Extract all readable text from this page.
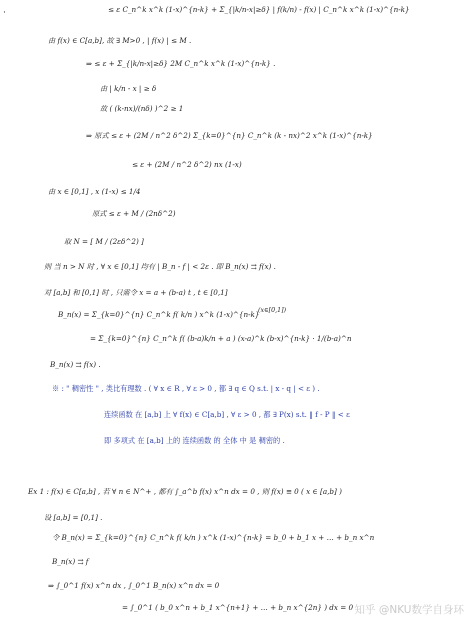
·	≤ ε C_n^k x^k (1-x)^{n-k} + Σ_{|k/n-x|≥δ} | f(k/n) - f(x) | C_n^k x^k (1-x)^{n-k}
由 f(x) ∈ C[a,b], 故 ∃ M>0 , | f(x) | ≤ M .
⇒ ≤ ε + Σ_{|k/n-x|≥δ} 2M C_n^k x^k (1-x)^{n-k} .
由 | k/n - x | ≥ δ
故 ( (k-nx)/(nδ) )^2 ≥ 1
⇒ 原式 ≤ ε + (2M / n^2 δ^2) Σ_{k=0}^{n} C_n^k (k - nx)^2 x^k (1-x)^{n-k}
≤ ε + (2M / n^2 δ^2) nx (1-x)
由 x ∈ [0,1] , x (1-x) ≤ 1/4
原式 ≤ ε + M / (2nδ^2)
取 N = [ M / (2εδ^2) ]
则 当 n > N 时 , ∀ x ∈ [0,1] 均有 | B_n - f | < 2ε . 即 B_n(x) ⇉ f(x) .
对 [a,b] 和 [0,1] 时 , 只需令 x = a + (b-a) t , t ∈ [0,1]
B_n(x) = Σ_{k=0}^{n} C_n^k f( k/n ) x^k (1-x)^{n-k}
(x∈[0,1])
= Σ_{k=0}^{n} C_n^k f( (b-a)k/n + a ) (x-a)^k (b-x)^{n-k} · 1/(b-a)^n
B_n(x) ⇉ f(x) .
※ : " 稠密性 " , 类比有理数 . ( ∀ x ∈ R , ∀ ε > 0 , 都 ∃ q ∈ Q s.t. | x - q | < ε ) .
连续函数 在 [a,b] 上 ∀ f(x) ∈ C[a,b] , ∀ ε > 0 , 都 ∃ P(x) s.t. ‖ f - P ‖ < ε
即 多项式 在 [a,b] 上的 连续函数 的 全体 中 是 稠密的 .
Ex 1 : f(x) ∈ C[a,b] , 若 ∀ n ∈ N^+ , 都有 ∫_a^b f(x) x^n dx = 0 , 则 f(x) ≡ 0 ( x ∈ [a,b] )
设 [a,b] = [0,1] .
令 B_n(x) = Σ_{k=0}^{n} C_n^k f( k/n ) x^k (1-x)^{n-k} = b_0 + b_1 x + … + b_n x^n
B_n(x) ⇉ f
⇒ ∫_0^1 f(x) x^n dx , ∫_0^1 B_n(x) x^n dx = 0
= ∫_0^1 ( b_0 x^n + b_1 x^{n+1} + … + b_n x^{2n} ) dx = 0 知乎 @NKU数学自身环
